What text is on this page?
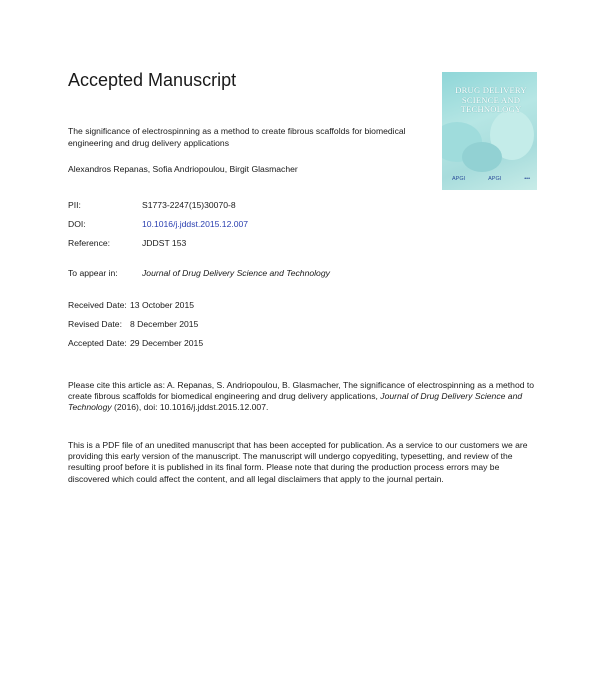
Accepted Manuscript
The significance of electrospinning as a method to create fibrous scaffolds for biomedical engineering and drug delivery applications
Alexandros Repanas, Sofia Andriopoulou, Birgit Glasmacher
PII:	S1773-2247(15)30070-8
DOI:	10.1016/j.jddst.2015.12.007
Reference:	JDDST 153
To appear in:	Journal of Drug Delivery Science and Technology
Received Date: 13 October 2015
Revised Date: 8 December 2015
Accepted Date: 29 December 2015
Please cite this article as: A. Repanas, S. Andriopoulou, B. Glasmacher, The significance of electrospinning as a method to create fibrous scaffolds for biomedical engineering and drug delivery applications, Journal of Drug Delivery Science and Technology (2016), doi: 10.1016/j.jddst.2015.12.007.
This is a PDF file of an unedited manuscript that has been accepted for publication. As a service to our customers we are providing this early version of the manuscript. The manuscript will undergo copyediting, typesetting, and review of the resulting proof before it is published in its final form. Please note that during the production process errors may be discovered which could affect the content, and all legal disclaimers that apply to the journal pertain.
DRUG DELIVERY SCIENCE AND TECHNOLOGY
APGI	APGI	•••
